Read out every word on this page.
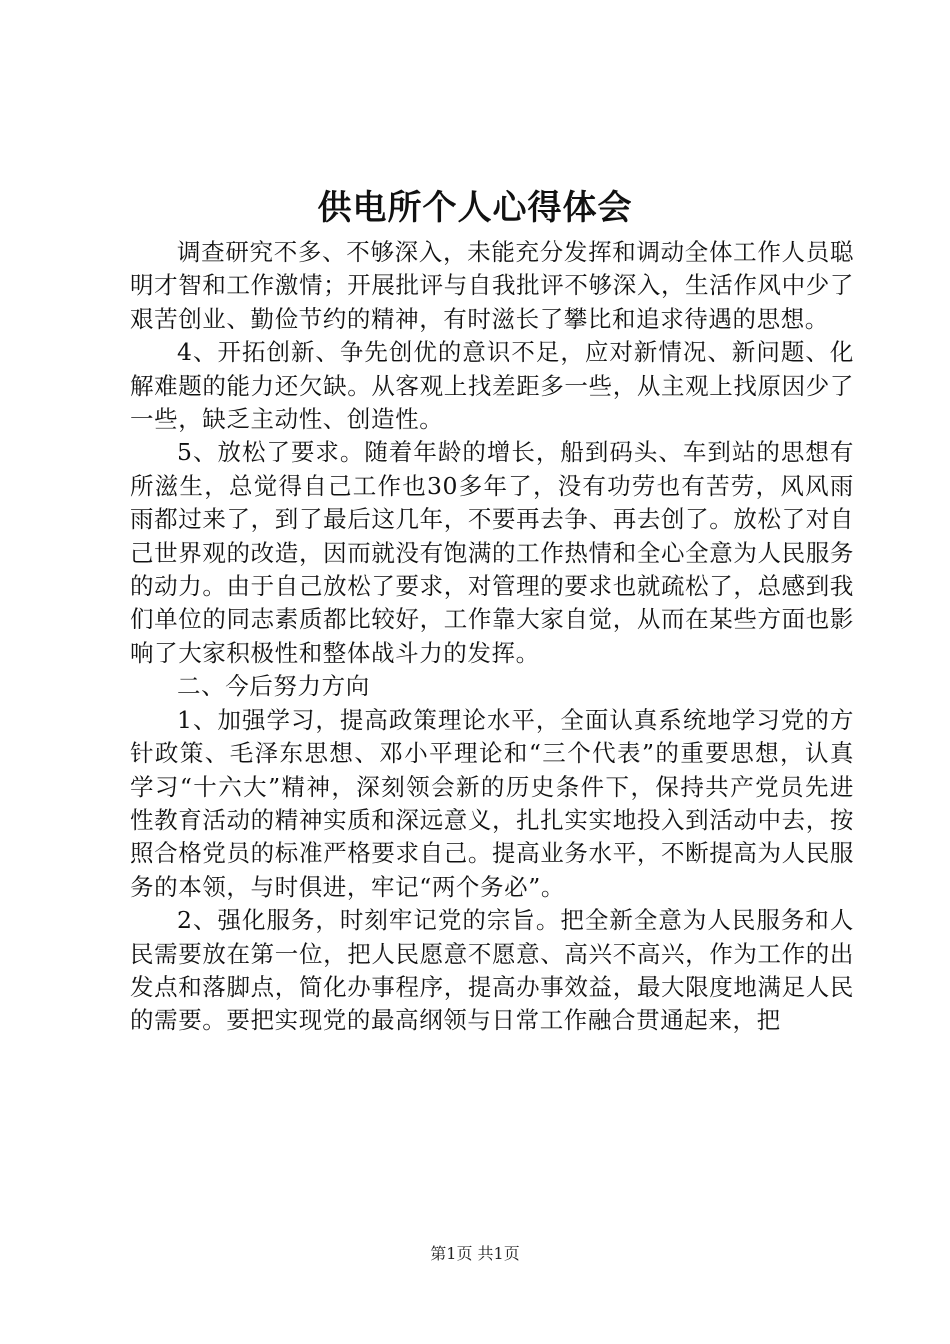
供电所个人心得体会

调查研究不多、不够深入，未能充分发挥和调动全体工作人员聪明才智和工作激情；开展批评与自我批评不够深入，生活作风中少了艰苦创业、勤俭节约的精神，有时滋长了攀比和追求待遇的思想。

4、开拓创新、争先创优的意识不足，应对新情况、新问题、化解难题的能力还欠缺。从客观上找差距多一些，从主观上找原因少了一些，缺乏主动性、创造性。

5、放松了要求。随着年龄的增长，船到码头、车到站的思想有所滋生，总觉得自己工作也30多年了，没有功劳也有苦劳，风风雨雨都过来了，到了最后这几年，不要再去争、再去创了。放松了对自己世界观的改造，因而就没有饱满的工作热情和全心全意为人民服务的动力。由于自己放松了要求，对管理的要求也就疏松了，总感到我们单位的同志素质都比较好，工作靠大家自觉，从而在某些方面也影响了大家积极性和整体战斗力的发挥。

二、今后努力方向

1、加强学习，提高政策理论水平，全面认真系统地学习党的方针政策、毛泽东思想、邓小平理论和“三个代表”的重要思想，认真学习“十六大”精神，深刻领会新的历史条件下，保持共产党员先进性教育活动的精神实质和深远意义，扎扎实实地投入到活动中去，按照合格党员的标准严格要求自己。提高业务水平，不断提高为人民服务的本领，与时俱进，牢记“两个务必”。

2、强化服务，时刻牢记党的宗旨。把全新全意为人民服务和人民需要放在第一位，把人民愿意不愿意、高兴不高兴，作为工作的出发点和落脚点，简化办事程序，提高办事效益，最大限度地满足人民的需要。要把实现党的最高纲领与日常工作融合贯通起来，把

第1页 共1页
